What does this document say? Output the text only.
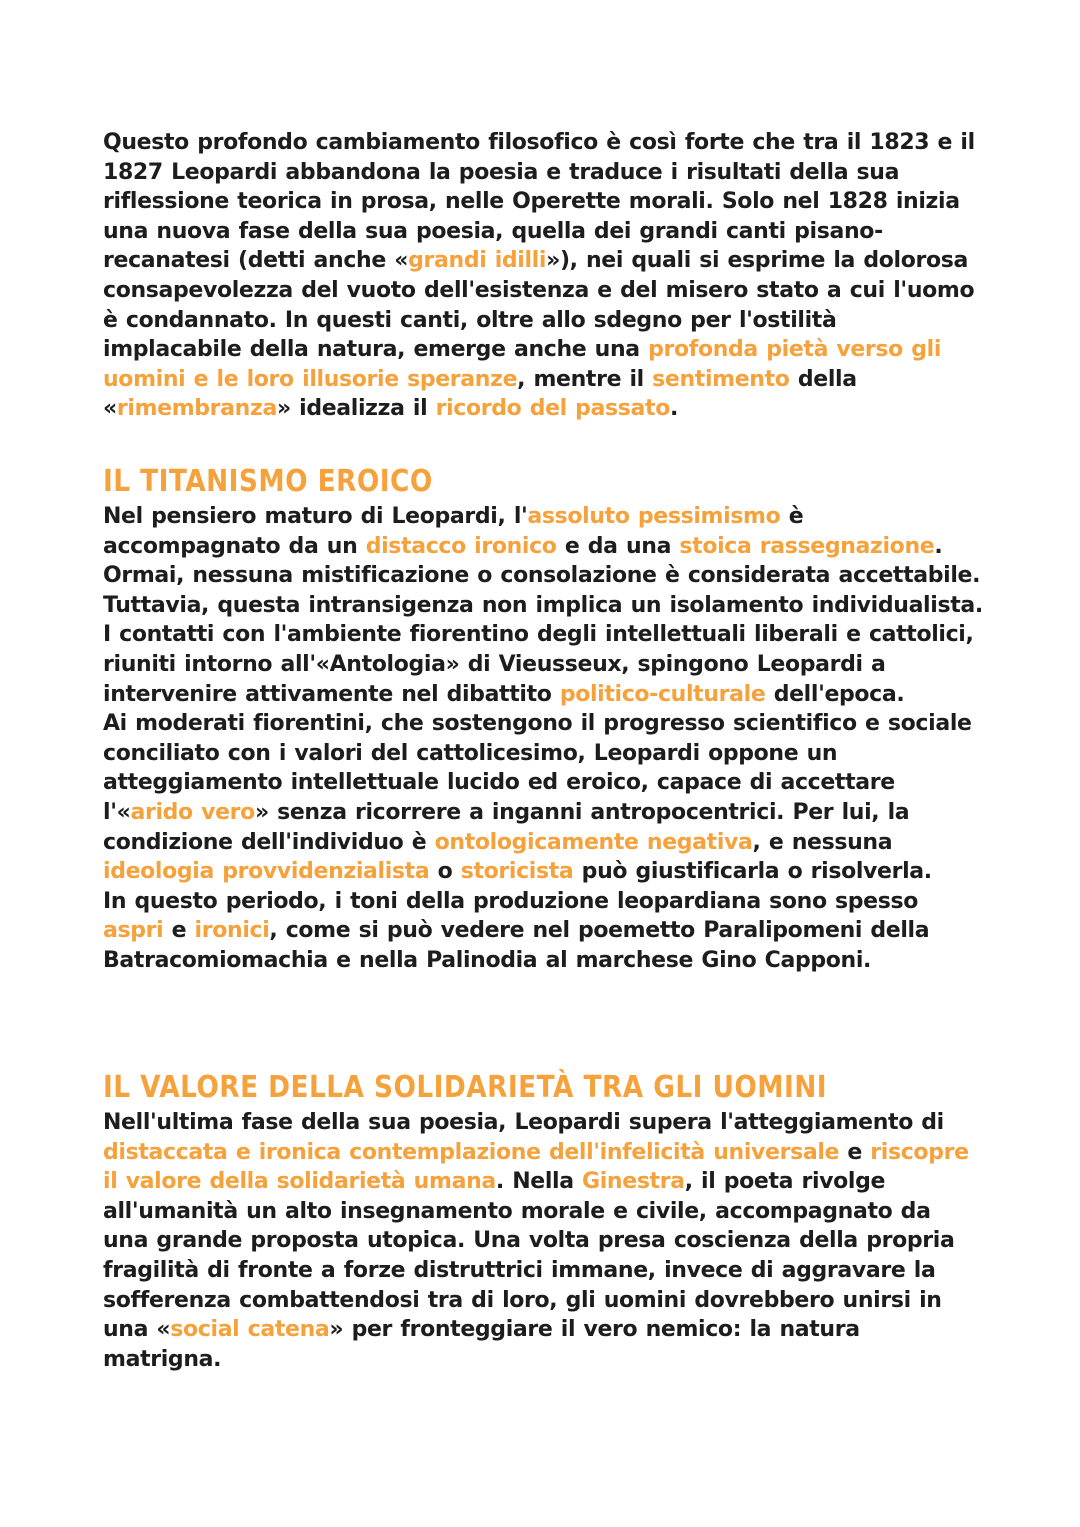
Questo profondo cambiamento filosofico è così forte che tra il 1823 e il 1827 Leopardi abbandona la poesia e traduce i risultati della sua riflessione teorica in prosa, nelle Operette morali. Solo nel 1828 inizia una nuova fase della sua poesia, quella dei grandi canti pisano-recanatesi (detti anche «grandi idilli»), nei quali si esprime la dolorosa consapevolezza del vuoto dell'esistenza e del misero stato a cui l'uomo è condannato. In questi canti, oltre allo sdegno per l'ostilità implacabile della natura, emerge anche una profonda pietà verso gli uomini e le loro illusorie speranze, mentre il sentimento della «rimembranza» idealizza il ricordo del passato.

IL TITANISMO EROICO

Nel pensiero maturo di Leopardi, l'assoluto pessimismo è accompagnato da un distacco ironico e da una stoica rassegnazione. Ormai, nessuna mistificazione o consolazione è considerata accettabile. Tuttavia, questa intransigenza non implica un isolamento individualista. I contatti con l'ambiente fiorentino degli intellettuali liberali e cattolici, riuniti intorno all'«Antologia» di Vieusseux, spingono Leopardi a intervenire attivamente nel dibattito politico-culturale dell'epoca.

Ai moderati fiorentini, che sostengono il progresso scientifico e sociale conciliato con i valori del cattolicesimo, Leopardi oppone un atteggiamento intellettuale lucido ed eroico, capace di accettare l'«arido vero» senza ricorrere a inganni antropocentrici. Per lui, la condizione dell'individuo è ontologicamente negativa, e nessuna ideologia provvidenzialista o storicista può giustificarla o risolverla.

In questo periodo, i toni della produzione leopardiana sono spesso aspri e ironici, come si può vedere nel poemetto Paralipomeni della Batracomiomachia e nella Palinodia al marchese Gino Capponi.

IL VALORE DELLA SOLIDARIETÀ TRA GLI UOMINI

Nell'ultima fase della sua poesia, Leopardi supera l'atteggiamento di distaccata e ironica contemplazione dell'infelicità universale e riscopre il valore della solidarietà umana. Nella Ginestra, il poeta rivolge all'umanità un alto insegnamento morale e civile, accompagnato da una grande proposta utopica. Una volta presa coscienza della propria fragilità di fronte a forze distruttrici immane, invece di aggravare la sofferenza combattendosi tra di loro, gli uomini dovrebbero unirsi in una «social catena» per fronteggiare il vero nemico: la natura matrigna.
